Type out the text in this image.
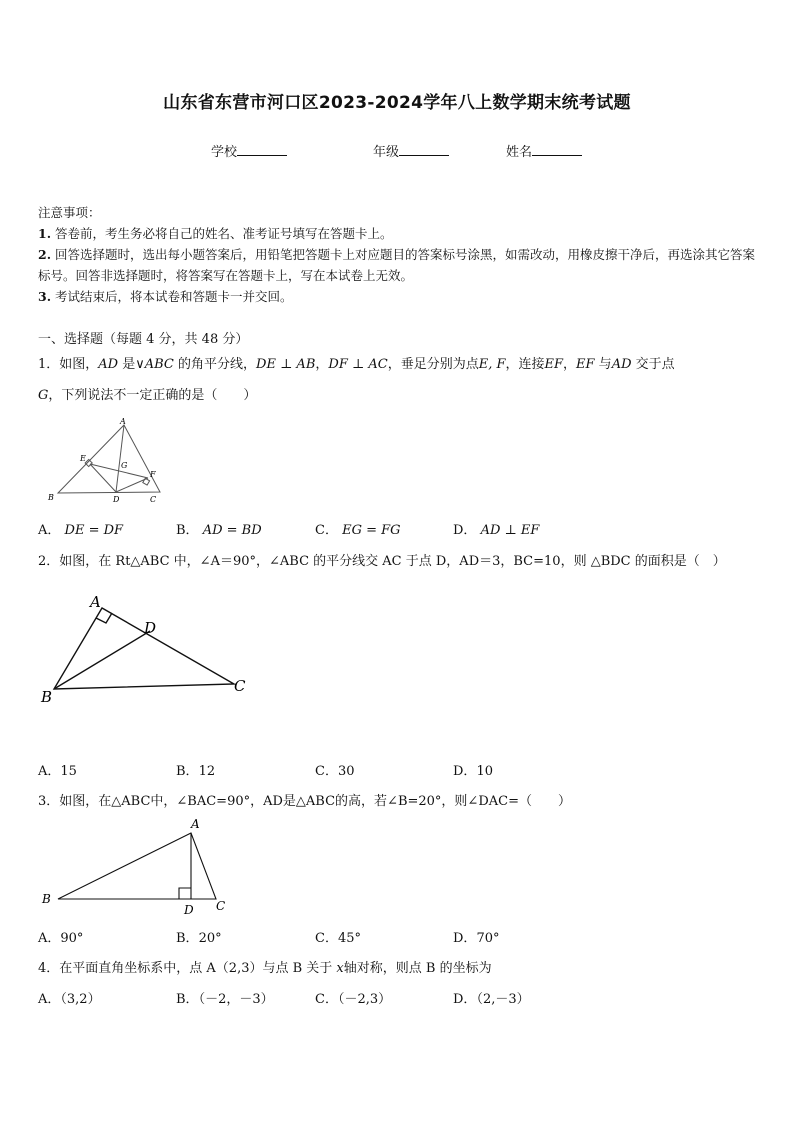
山东省东营市河口区2023-2024学年八上数学期末统考试题
学校	年级	姓名
注意事项：
1. 答卷前，考生务必将自己的姓名、准考证号填写在答题卡上。
2. 回答选择题时，选出每小题答案后，用铅笔把答题卡上对应题目的答案标号涂黑，如需改动，用橡皮擦干净后，再选涂其它答案标号。回答非选择题时，将答案写在答题卡上，写在本试卷上无效。
3. 考试结束后，将本试卷和答题卡一并交回。
一、选择题（每题 4 分，共 48 分）
1．如图，AD 是∨ABC 的角平分线，DE ⊥ AB，DF ⊥ AC，垂足分别为点E, F，连接EF，EF 与AD 交于点
G，下列说法不一定正确的是（　　）
A
B	C
D
E
F
G
A． DE = DF	B． AD = BD	C． EG = FG	D． AD ⊥ EF
2．如图，在 Rt△ABC 中，∠A＝90°，∠ABC 的平分线交 AC 于点 D，AD＝3，BC=10，则 △BDC 的面积是（　）
A
D
B
C
A．15	B．12	C．30	D．10
3．如图，在△ABC中，∠BAC=90°，AD是△ABC的高，若∠B=20°，则∠DAC=（　　）
A
B
D C
A．90°	B．20°	C．45°	D．70°
4．在平面直角坐标系中，点 A（2,3）与点 B 关于 x轴对称，则点 B 的坐标为
A．（3,2）	B．（－2，－3）	C．（－2,3）	D．（2,－3）
